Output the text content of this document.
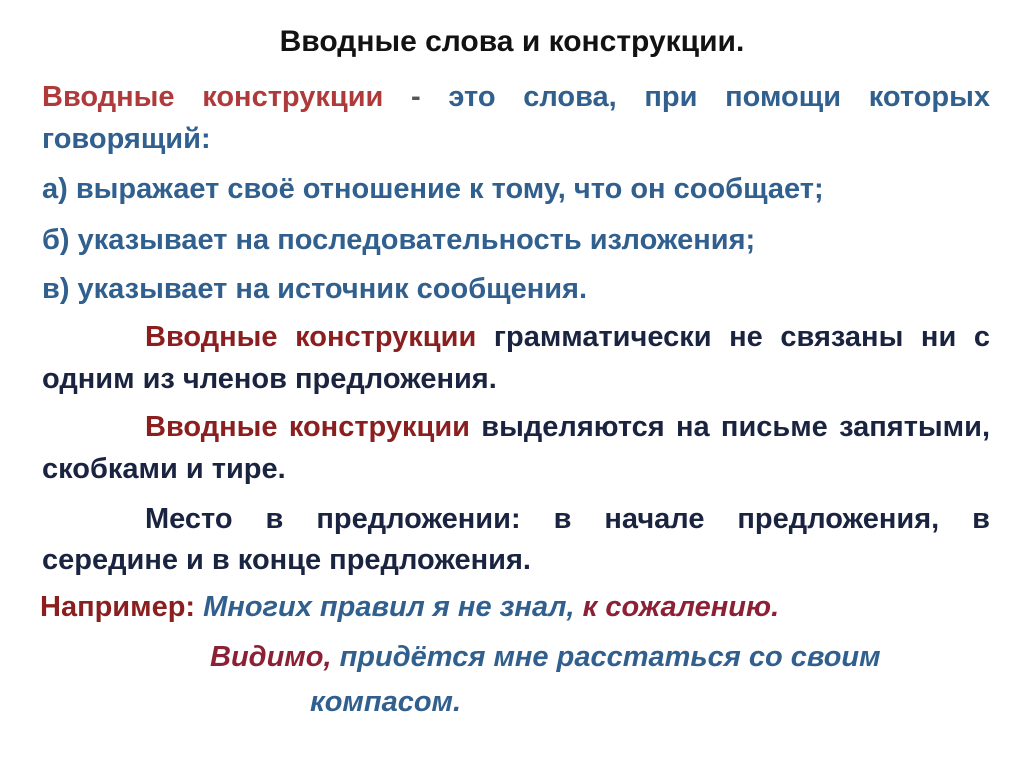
Вводные слова и конструкции.
Вводные конструкции - это слова, при помощи которых
говорящий:
а) выражает своё отношение к тому, что он сообщает;
б) указывает на последовательность изложения;
в) указывает на источник сообщения.
Вводные конструкции грамматически не связаны ни с
одним из членов предложения.
Вводные конструкции выделяются на письме запятыми,
скобками и тире.
Место в предложении: в начале предложения, в
середине и в конце предложения.
Например: Многих правил я не знал, к сожалению.
Видимо, придётся мне расстаться со своим
компасом.
